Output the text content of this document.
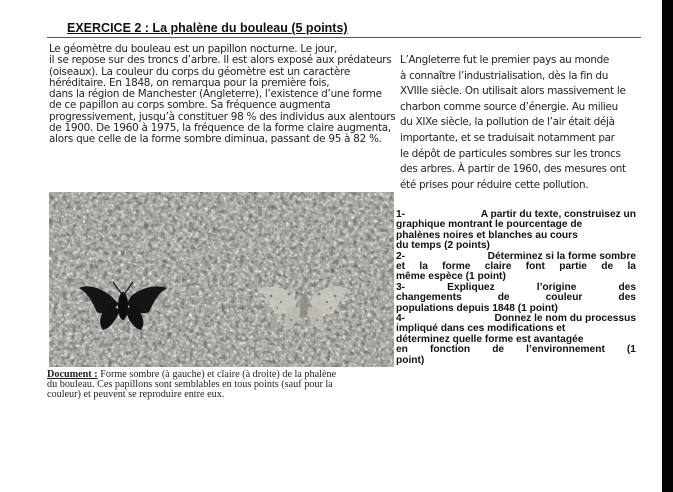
EXERCICE 2 : La phalène du bouleau (5 points)
Le géomètre du bouleau est un papillon nocturne. Le jour,
il se repose sur des troncs d’arbre. Il est alors exposé aux prédateurs
(oiseaux). La couleur du corps du géomètre est un caractère
héréditaire. En 1848, on remarqua pour la première fois,
dans la région de Manchester (Angleterre), l’existence d’une forme
de ce papillon au corps sombre. Sa fréquence augmenta
progressivement, jusqu’à constituer 98 % des individus aux alentours
de 1900. De 1960 à 1975, la fréquence de la forme claire augmenta,
alors que celle de la forme sombre diminua, passant de 95 à 82 %.
L’Angleterre fut le premier pays au monde
à connaître l’industrialisation, dès la fin du
XVIIIe siècle. On utilisait alors massivement le
charbon comme source d’énergie. Au milieu
du XIXe siècle, la pollution de l’air était déjà
importante, et se traduisait notamment par
le dépôt de particules sombres sur les troncs
des arbres. À partir de 1960, des mesures ont
été prises pour réduire cette pollution.
Document : Forme sombre (à gauche) et claire (à droite) de la phalène
du bouleau. Ces papillons sont semblables en tous points (sauf pour la
couleur) et peuvent se reproduire entre eux.
1-	A partir du texte, construisez un
graphique montrant le pourcentage de
phalènes noires et blanches au cours
du temps (2 points)
2-	Déterminez si la forme sombre
et la forme claire font partie de la
même espèce (1 point)
3-	Expliquez	l’origine	des
changements	de	couleur	des
populations depuis 1848 (1 point)
4-	Donnez le nom du processus
impliqué dans ces modifications et
déterminez quelle forme est avantagée
en fonction de l’environnement (1
point)
